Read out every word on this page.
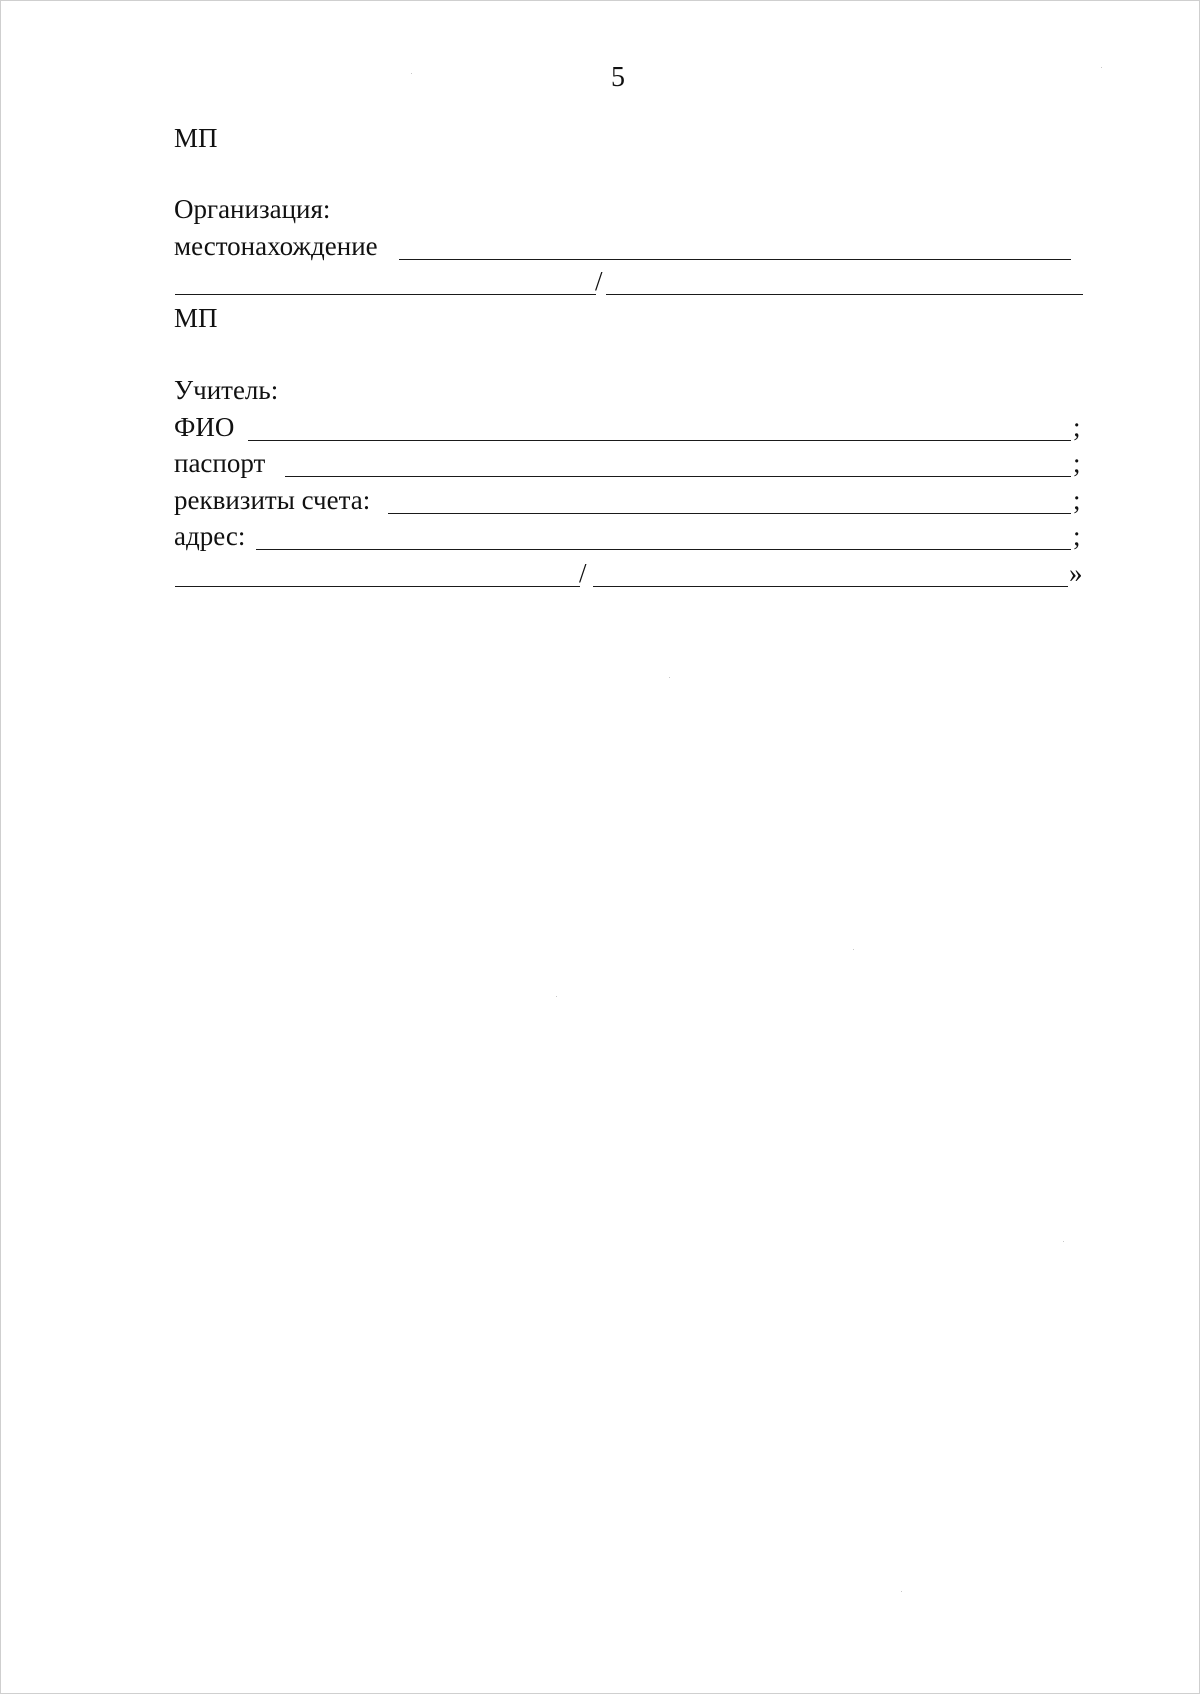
5
МП
Организация:
местонахождение
/
МП
Учитель:
ФИО	;
паспорт	;
реквизиты счета:	;
адрес:	;
/	»
